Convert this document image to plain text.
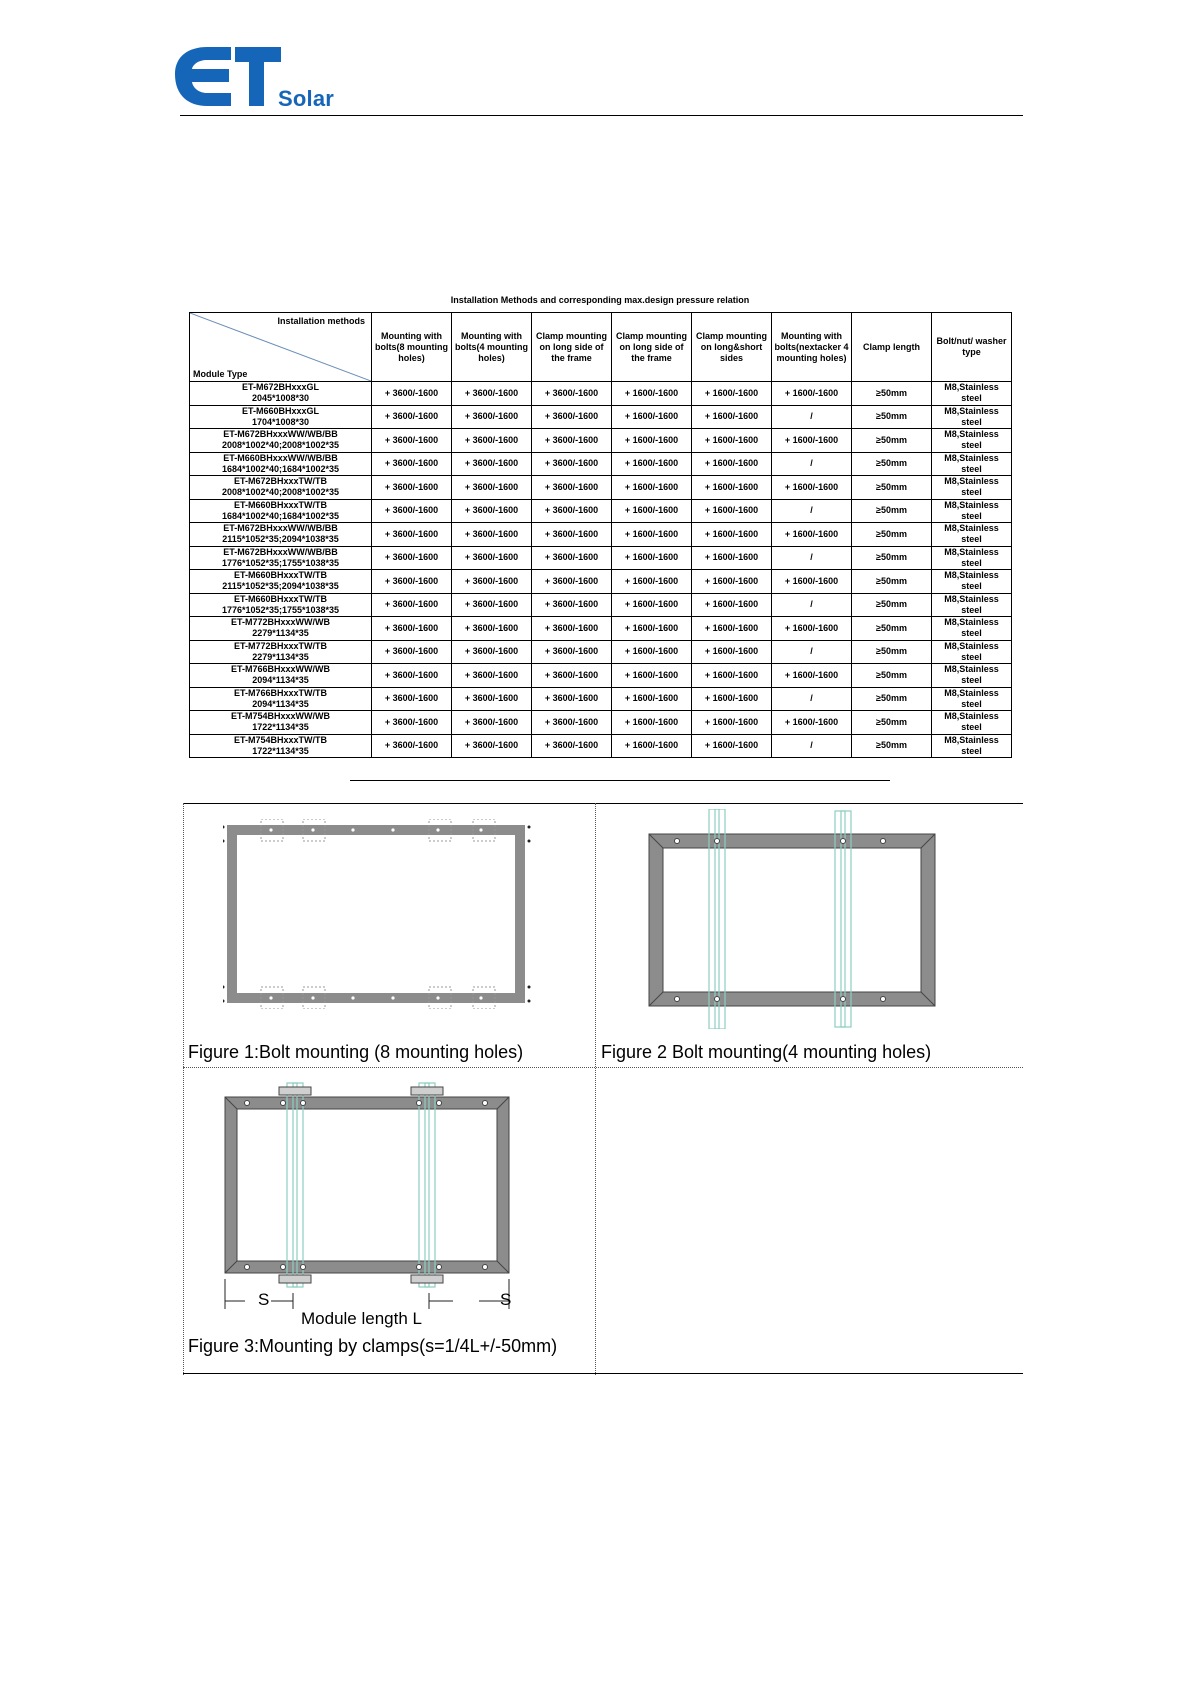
Solar
Installation Methods and corresponding max.design pressure relation
Installation methods
Module Type	Mounting with bolts(8 mounting holes)	Mounting with bolts(4 mounting holes)	Clamp mounting on long side of the frame	Clamp mounting on long side of the frame	Clamp mounting on long&short sides	Mounting with bolts(nextacker 4 mounting holes)	Clamp length	Bolt/nut/ washer type

ET-M672BHxxxGL
2045*1008*30	+ 3600/-1600	+ 3600/-1600	+ 3600/-1600	+ 1600/-1600	+ 1600/-1600	+ 1600/-1600	≥50mm	M8,Stainless steel

ET-M660BHxxxGL
1704*1008*30	+ 3600/-1600	+ 3600/-1600	+ 3600/-1600	+ 1600/-1600	+ 1600/-1600	/	≥50mm	M8,Stainless steel

ET-M672BHxxxWW/WB/BB
2008*1002*40;2008*1002*35	+ 3600/-1600	+ 3600/-1600	+ 3600/-1600	+ 1600/-1600	+ 1600/-1600	+ 1600/-1600	≥50mm	M8,Stainless steel

ET-M660BHxxxWW/WB/BB
1684*1002*40;1684*1002*35	+ 3600/-1600	+ 3600/-1600	+ 3600/-1600	+ 1600/-1600	+ 1600/-1600	/	≥50mm	M8,Stainless steel

ET-M672BHxxxTW/TB
2008*1002*40;2008*1002*35	+ 3600/-1600	+ 3600/-1600	+ 3600/-1600	+ 1600/-1600	+ 1600/-1600	+ 1600/-1600	≥50mm	M8,Stainless steel

ET-M660BHxxxTW/TB
1684*1002*40;1684*1002*35	+ 3600/-1600	+ 3600/-1600	+ 3600/-1600	+ 1600/-1600	+ 1600/-1600	/	≥50mm	M8,Stainless steel

ET-M672BHxxxWW/WB/BB
2115*1052*35;2094*1038*35	+ 3600/-1600	+ 3600/-1600	+ 3600/-1600	+ 1600/-1600	+ 1600/-1600	+ 1600/-1600	≥50mm	M8,Stainless steel

ET-M672BHxxxWW/WB/BB
1776*1052*35;1755*1038*35	+ 3600/-1600	+ 3600/-1600	+ 3600/-1600	+ 1600/-1600	+ 1600/-1600	/	≥50mm	M8,Stainless steel

ET-M660BHxxxTW/TB
2115*1052*35;2094*1038*35	+ 3600/-1600	+ 3600/-1600	+ 3600/-1600	+ 1600/-1600	+ 1600/-1600	+ 1600/-1600	≥50mm	M8,Stainless steel

ET-M660BHxxxTW/TB
1776*1052*35;1755*1038*35	+ 3600/-1600	+ 3600/-1600	+ 3600/-1600	+ 1600/-1600	+ 1600/-1600	/	≥50mm	M8,Stainless steel

ET-M772BHxxxWW/WB
2279*1134*35	+ 3600/-1600	+ 3600/-1600	+ 3600/-1600	+ 1600/-1600	+ 1600/-1600	+ 1600/-1600	≥50mm	M8,Stainless steel

ET-M772BHxxxTW/TB
2279*1134*35	+ 3600/-1600	+ 3600/-1600	+ 3600/-1600	+ 1600/-1600	+ 1600/-1600	/	≥50mm	M8,Stainless steel

ET-M766BHxxxWW/WB
2094*1134*35	+ 3600/-1600	+ 3600/-1600	+ 3600/-1600	+ 1600/-1600	+ 1600/-1600	+ 1600/-1600	≥50mm	M8,Stainless steel

ET-M766BHxxxTW/TB
2094*1134*35	+ 3600/-1600	+ 3600/-1600	+ 3600/-1600	+ 1600/-1600	+ 1600/-1600	/	≥50mm	M8,Stainless steel

ET-M754BHxxxWW/WB
1722*1134*35	+ 3600/-1600	+ 3600/-1600	+ 3600/-1600	+ 1600/-1600	+ 1600/-1600	+ 1600/-1600	≥50mm	M8,Stainless steel

ET-M754BHxxxTW/TB
1722*1134*35	+ 3600/-1600	+ 3600/-1600	+ 3600/-1600	+ 1600/-1600	+ 1600/-1600	/	≥50mm	M8,Stainless steel
Figure 1:Bolt mounting (8 mounting holes)	Figure 2 Bolt mounting(4 mounting holes)
S	S
Module length L
Figure 3:Mounting by clamps(s=1/4L+/-50mm)
